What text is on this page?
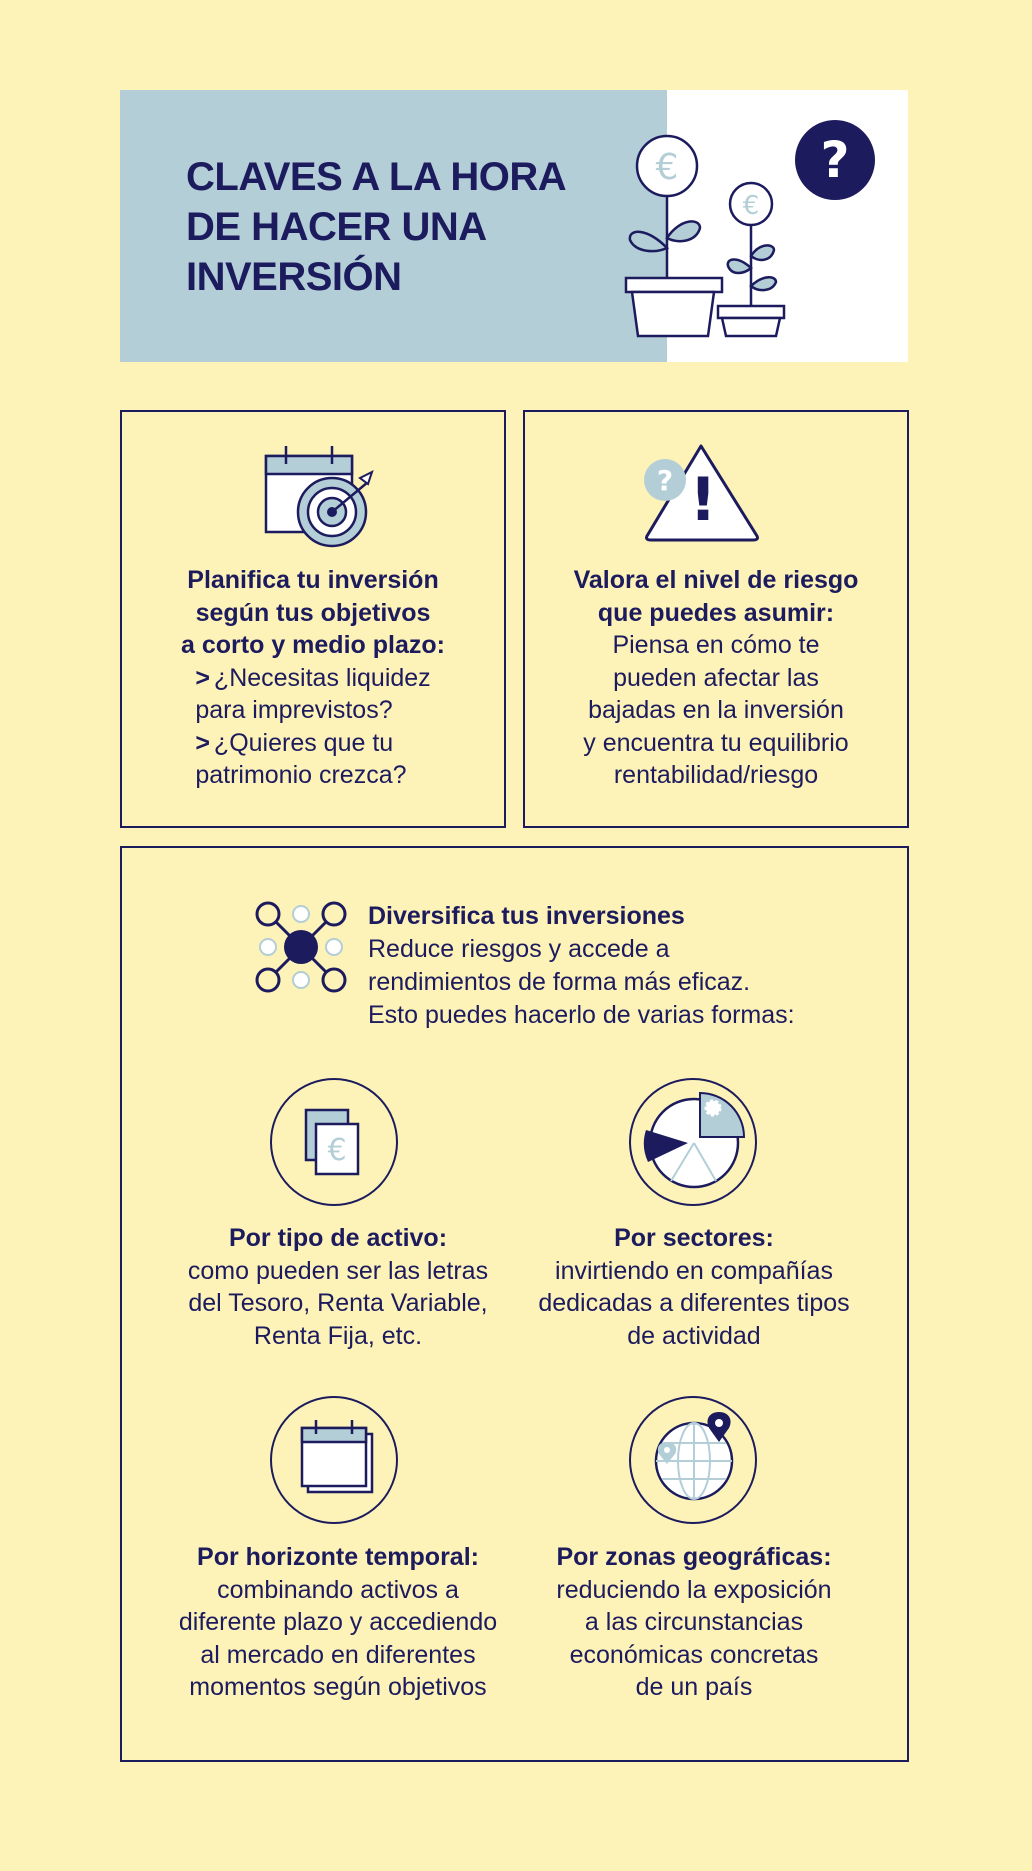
CLAVES A LA HORA
DE HACER UNA
INVERSIÓN
€
€
?
Planifica tu inversión
según tus objetivos
a corto y medio plazo:
> ¿Necesitas liquidez
para imprevistos?
> ¿Quieres que tu
patrimonio crezca?
!
?
Valora el nivel de riesgo
que puedes asumir:
Piensa en cómo te
pueden afectar las
bajadas en la inversión
y encuentra tu equilibrio
rentabilidad/riesgo
Diversifica tus inversiones
Reduce riesgos y accede a
rendimientos de forma más eficaz.
Esto puedes hacerlo de varias formas:
€
Por tipo de activo:
como pueden ser las letras
del Tesoro, Renta Variable,
Renta Fija, etc.
Por sectores:
invirtiendo en compañías
dedicadas a diferentes tipos
de actividad
Por horizonte temporal:
combinando activos a
diferente plazo y accediendo
al mercado en diferentes
momentos según objetivos
Por zonas geográficas:
reduciendo la exposición
a las circunstancias
económicas concretas
de un país
